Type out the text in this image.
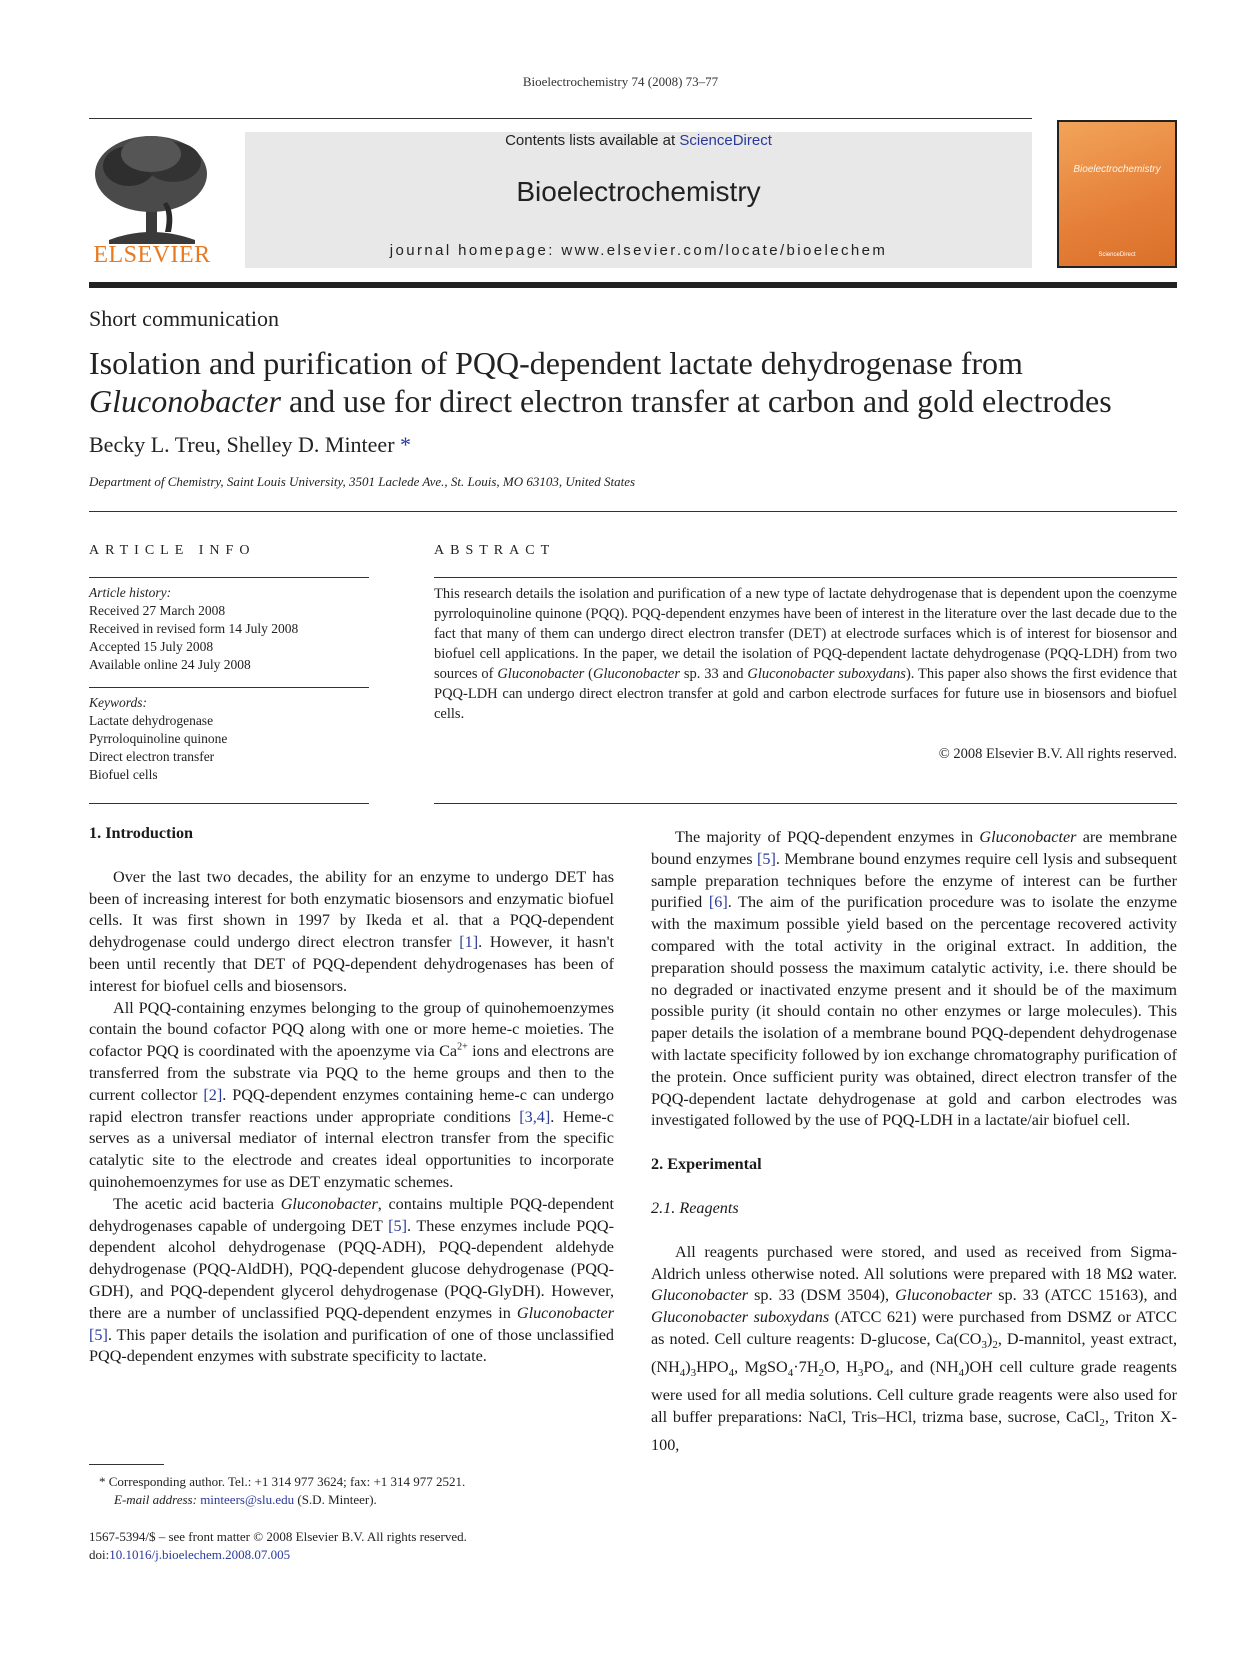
Bioelectrochemistry 74 (2008) 73–77
ELSEVIER
Contents lists available at ScienceDirect
Bioelectrochemistry
journal homepage: www.elsevier.com/locate/bioelechem
Bioelectrochemistry
ScienceDirect
Short communication
Isolation and purification of PQQ-dependent lactate dehydrogenase from
Gluconobacter and use for direct electron transfer at carbon and gold electrodes
Becky L. Treu, Shelley D. Minteer *
Department of Chemistry, Saint Louis University, 3501 Laclede Ave., St. Louis, MO 63103, United States
ARTICLE INFO
Article history:
Received 27 March 2008
Received in revised form 14 July 2008
Accepted 15 July 2008
Available online 24 July 2008
Keywords:
Lactate dehydrogenase
Pyrroloquinoline quinone
Direct electron transfer
Biofuel cells
ABSTRACT
This research details the isolation and purification of a new type of lactate dehydrogenase that is dependent upon the coenzyme pyrroloquinoline quinone (PQQ). PQQ-dependent enzymes have been of interest in the literature over the last decade due to the fact that many of them can undergo direct electron transfer (DET) at electrode surfaces which is of interest for biosensor and biofuel cell applications. In the paper, we detail the isolation of PQQ-dependent lactate dehydrogenase (PQQ-LDH) from two sources of Gluconobacter (Gluconobacter sp. 33 and Gluconobacter suboxydans). This paper also shows the first evidence that PQQ-LDH can undergo direct electron transfer at gold and carbon electrode surfaces for future use in biosensors and biofuel cells.
© 2008 Elsevier B.V. All rights reserved.

1. Introduction

Over the last two decades, the ability for an enzyme to undergo DET has been of increasing interest for both enzymatic biosensors and enzymatic biofuel cells. It was first shown in 1997 by Ikeda et al. that a PQQ-dependent dehydrogenase could undergo direct electron transfer [1]. However, it hasn't been until recently that DET of PQQ-dependent dehydrogenases has been of interest for biofuel cells and biosensors.

All PQQ-containing enzymes belonging to the group of quinohemoenzymes contain the bound cofactor PQQ along with one or more heme-c moieties. The cofactor PQQ is coordinated with the apoenzyme via $Ca^{2+}$ ions and electrons are transferred from the substrate via PQQ to the heme groups and then to the current collector [2]. PQQ-dependent enzymes containing heme-c can undergo rapid electron transfer reactions under appropriate conditions [3,4]. Heme-c serves as a universal mediator of internal electron transfer from the specific catalytic site to the electrode and creates ideal opportunities to incorporate quinohemoenzymes for use as DET enzymatic schemes.

The acetic acid bacteria Gluconobacter, contains multiple PQQ-dependent dehydrogenases capable of undergoing DET [5]. These enzymes include PQQ-dependent alcohol dehydrogenase (PQQ-ADH), PQQ-dependent aldehyde dehydrogenase (PQQ-AldDH), PQQ-dependent glucose dehydrogenase (PQQ-GDH), and PQQ-dependent glycerol dehydrogenase (PQQ-GlyDH). However, there are a number of unclassified PQQ-dependent enzymes in Gluconobacter [5]. This paper details the isolation and purification of one of those unclassified PQQ-dependent enzymes with substrate specificity to lactate.

The majority of PQQ-dependent enzymes in Gluconobacter are membrane bound enzymes [5]. Membrane bound enzymes require cell lysis and subsequent sample preparation techniques before the enzyme of interest can be further purified [6]. The aim of the purification procedure was to isolate the enzyme with the maximum possible yield based on the percentage recovered activity compared with the total activity in the original extract. In addition, the preparation should possess the maximum catalytic activity, i.e. there should be no degraded or inactivated enzyme present and it should be of the maximum possible purity (it should contain no other enzymes or large molecules). This paper details the isolation of a membrane bound PQQ-dependent dehydrogenase with lactate specificity followed by ion exchange chromatography purification of the protein. Once sufficient purity was obtained, direct electron transfer of the PQQ-dependent lactate dehydrogenase at gold and carbon electrodes was investigated followed by the use of PQQ-LDH in a lactate/air biofuel cell.

2. Experimental

2.1. Reagents

All reagents purchased were stored, and used as received from Sigma-Aldrich unless otherwise noted. All solutions were prepared with 18 MΩ water. Gluconobacter sp. 33 (DSM 3504), Gluconobacter sp. 33 (ATCC 15163), and Gluconobacter suboxydans (ATCC 621) were purchased from DSMZ or ATCC as noted. Cell culture reagents: D-glucose, $Ca(CO_3)_2$, D-mannitol, yeast extract, $(NH_4)_3HPO_4$, $MgSO_4\cdot 7H_2O$, $H_3PO_4$, and $(NH_4)OH$ cell culture grade reagents were used for all media solutions. Cell culture grade reagents were also used for all buffer preparations: NaCl, Tris–HCl, trizma base, sucrose, CaCl$_2$, Triton X-100,

* Corresponding author. Tel.: +1 314 977 3624; fax: +1 314 977 2521.
E-mail address: minteers@slu.edu (S.D. Minteer).
1567-5394/$ – see front matter © 2008 Elsevier B.V. All rights reserved.
doi:10.1016/j.bioelechem.2008.07.005
